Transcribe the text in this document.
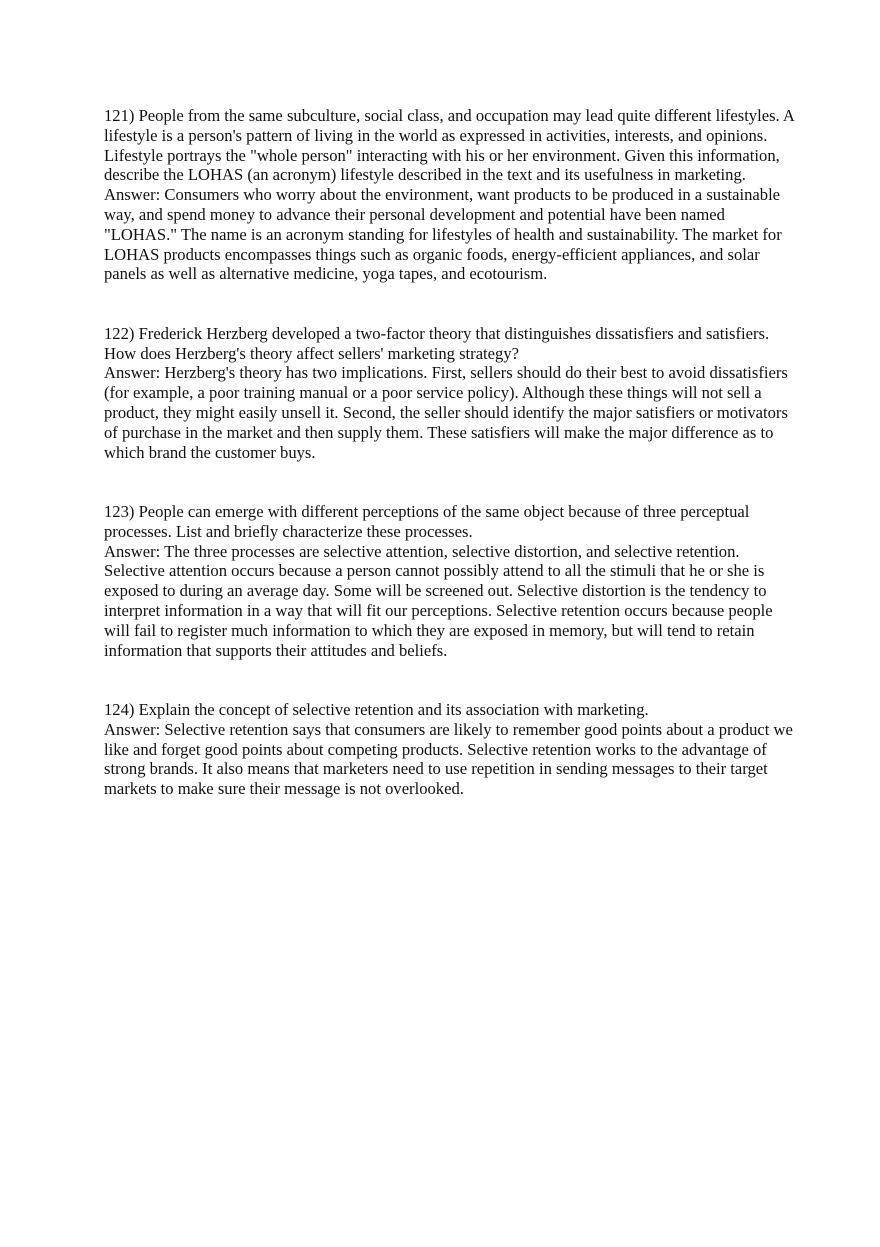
121) People from the same subculture, social class, and occupation may lead quite different lifestyles. A lifestyle is a person's pattern of living in the world as expressed in activities, interests, and opinions. Lifestyle portrays the "whole person" interacting with his or her environment. Given this information, describe the LOHAS (an acronym) lifestyle described in the text and its usefulness in marketing.

Answer: Consumers who worry about the environment, want products to be produced in a sustainable way, and spend money to advance their personal development and potential have been named "LOHAS." The name is an acronym standing for lifestyles of health and sustainability. The market for LOHAS products encompasses things such as organic foods, energy-efficient appliances, and solar panels as well as alternative medicine, yoga tapes, and ecotourism.

122) Frederick Herzberg developed a two-factor theory that distinguishes dissatisfiers and satisfiers. How does Herzberg's theory affect sellers' marketing strategy?

Answer: Herzberg's theory has two implications. First, sellers should do their best to avoid dissatisfiers (for example, a poor training manual or a poor service policy). Although these things will not sell a product, they might easily unsell it. Second, the seller should identify the major satisfiers or motivators of purchase in the market and then supply them. These satisfiers will make the major difference as to which brand the customer buys.

123) People can emerge with different perceptions of the same object because of three perceptual processes. List and briefly characterize these processes.

Answer: The three processes are selective attention, selective distortion, and selective retention. Selective attention occurs because a person cannot possibly attend to all the stimuli that he or she is exposed to during an average day. Some will be screened out. Selective distortion is the tendency to interpret information in a way that will fit our perceptions. Selective retention occurs because people will fail to register much information to which they are exposed in memory, but will tend to retain information that supports their attitudes and beliefs.

124) Explain the concept of selective retention and its association with marketing.

Answer: Selective retention says that consumers are likely to remember good points about a product we like and forget good points about competing products. Selective retention works to the advantage of strong brands. It also means that marketers need to use repetition in sending messages to their target markets to make sure their message is not overlooked.
